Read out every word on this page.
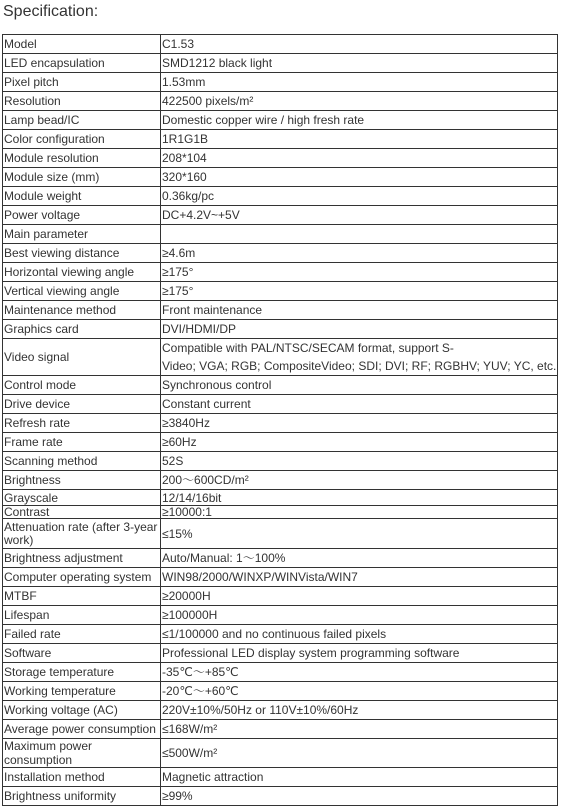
Specification:
Model	C1.53
LED encapsulation	SMD1212 black light
Pixel pitch	1.53mm
Resolution	422500 pixels/m²
Lamp bead/IC	Domestic copper wire / high fresh rate
Color configuration	1R1G1B
Module resolution	208*104
Module size (mm)	320*160
Module weight	0.36kg/pc
Power voltage	DC+4.2V~+5V
Main parameter	
Best viewing distance	≥4.6m
Horizontal viewing angle	≥175°
Vertical viewing angle	≥175°
Maintenance method	Front maintenance
Graphics card	DVI/HDMI/DP
Video signal	Compatible with PAL/NTSC/SECAM format, support S-
Video; VGA; RGB; CompositeVideo; SDI; DVI; RF; RGBHV; YUV; YC, etc.

Control mode	Synchronous control
Drive device	Constant current
Refresh rate	≥3840Hz
Frame rate	≥60Hz
Scanning method	52S
Brightness	200～600CD/m²
Grayscale	12/14/16bit
Contrast	≥10000:1
Attenuation rate (after 3-year work)	≤15%
Brightness adjustment	Auto/Manual: 1～100%
Computer operating system	WIN98/2000/WINXP/WINVista/WIN7
MTBF	≥20000H
Lifespan	≥100000H
Failed rate	≤1/100000 and no continuous failed pixels
Software	Professional LED display system programming software
Storage temperature	-35℃～+85℃
Working temperature	-20℃～+60℃
Working voltage (AC)	220V±10%/50Hz or 110V±10%/60Hz
Average power consumption	≤168W/m²
Maximum power consumption	≤500W/m²
Installation method	Magnetic attraction
Brightness uniformity	≥99%
